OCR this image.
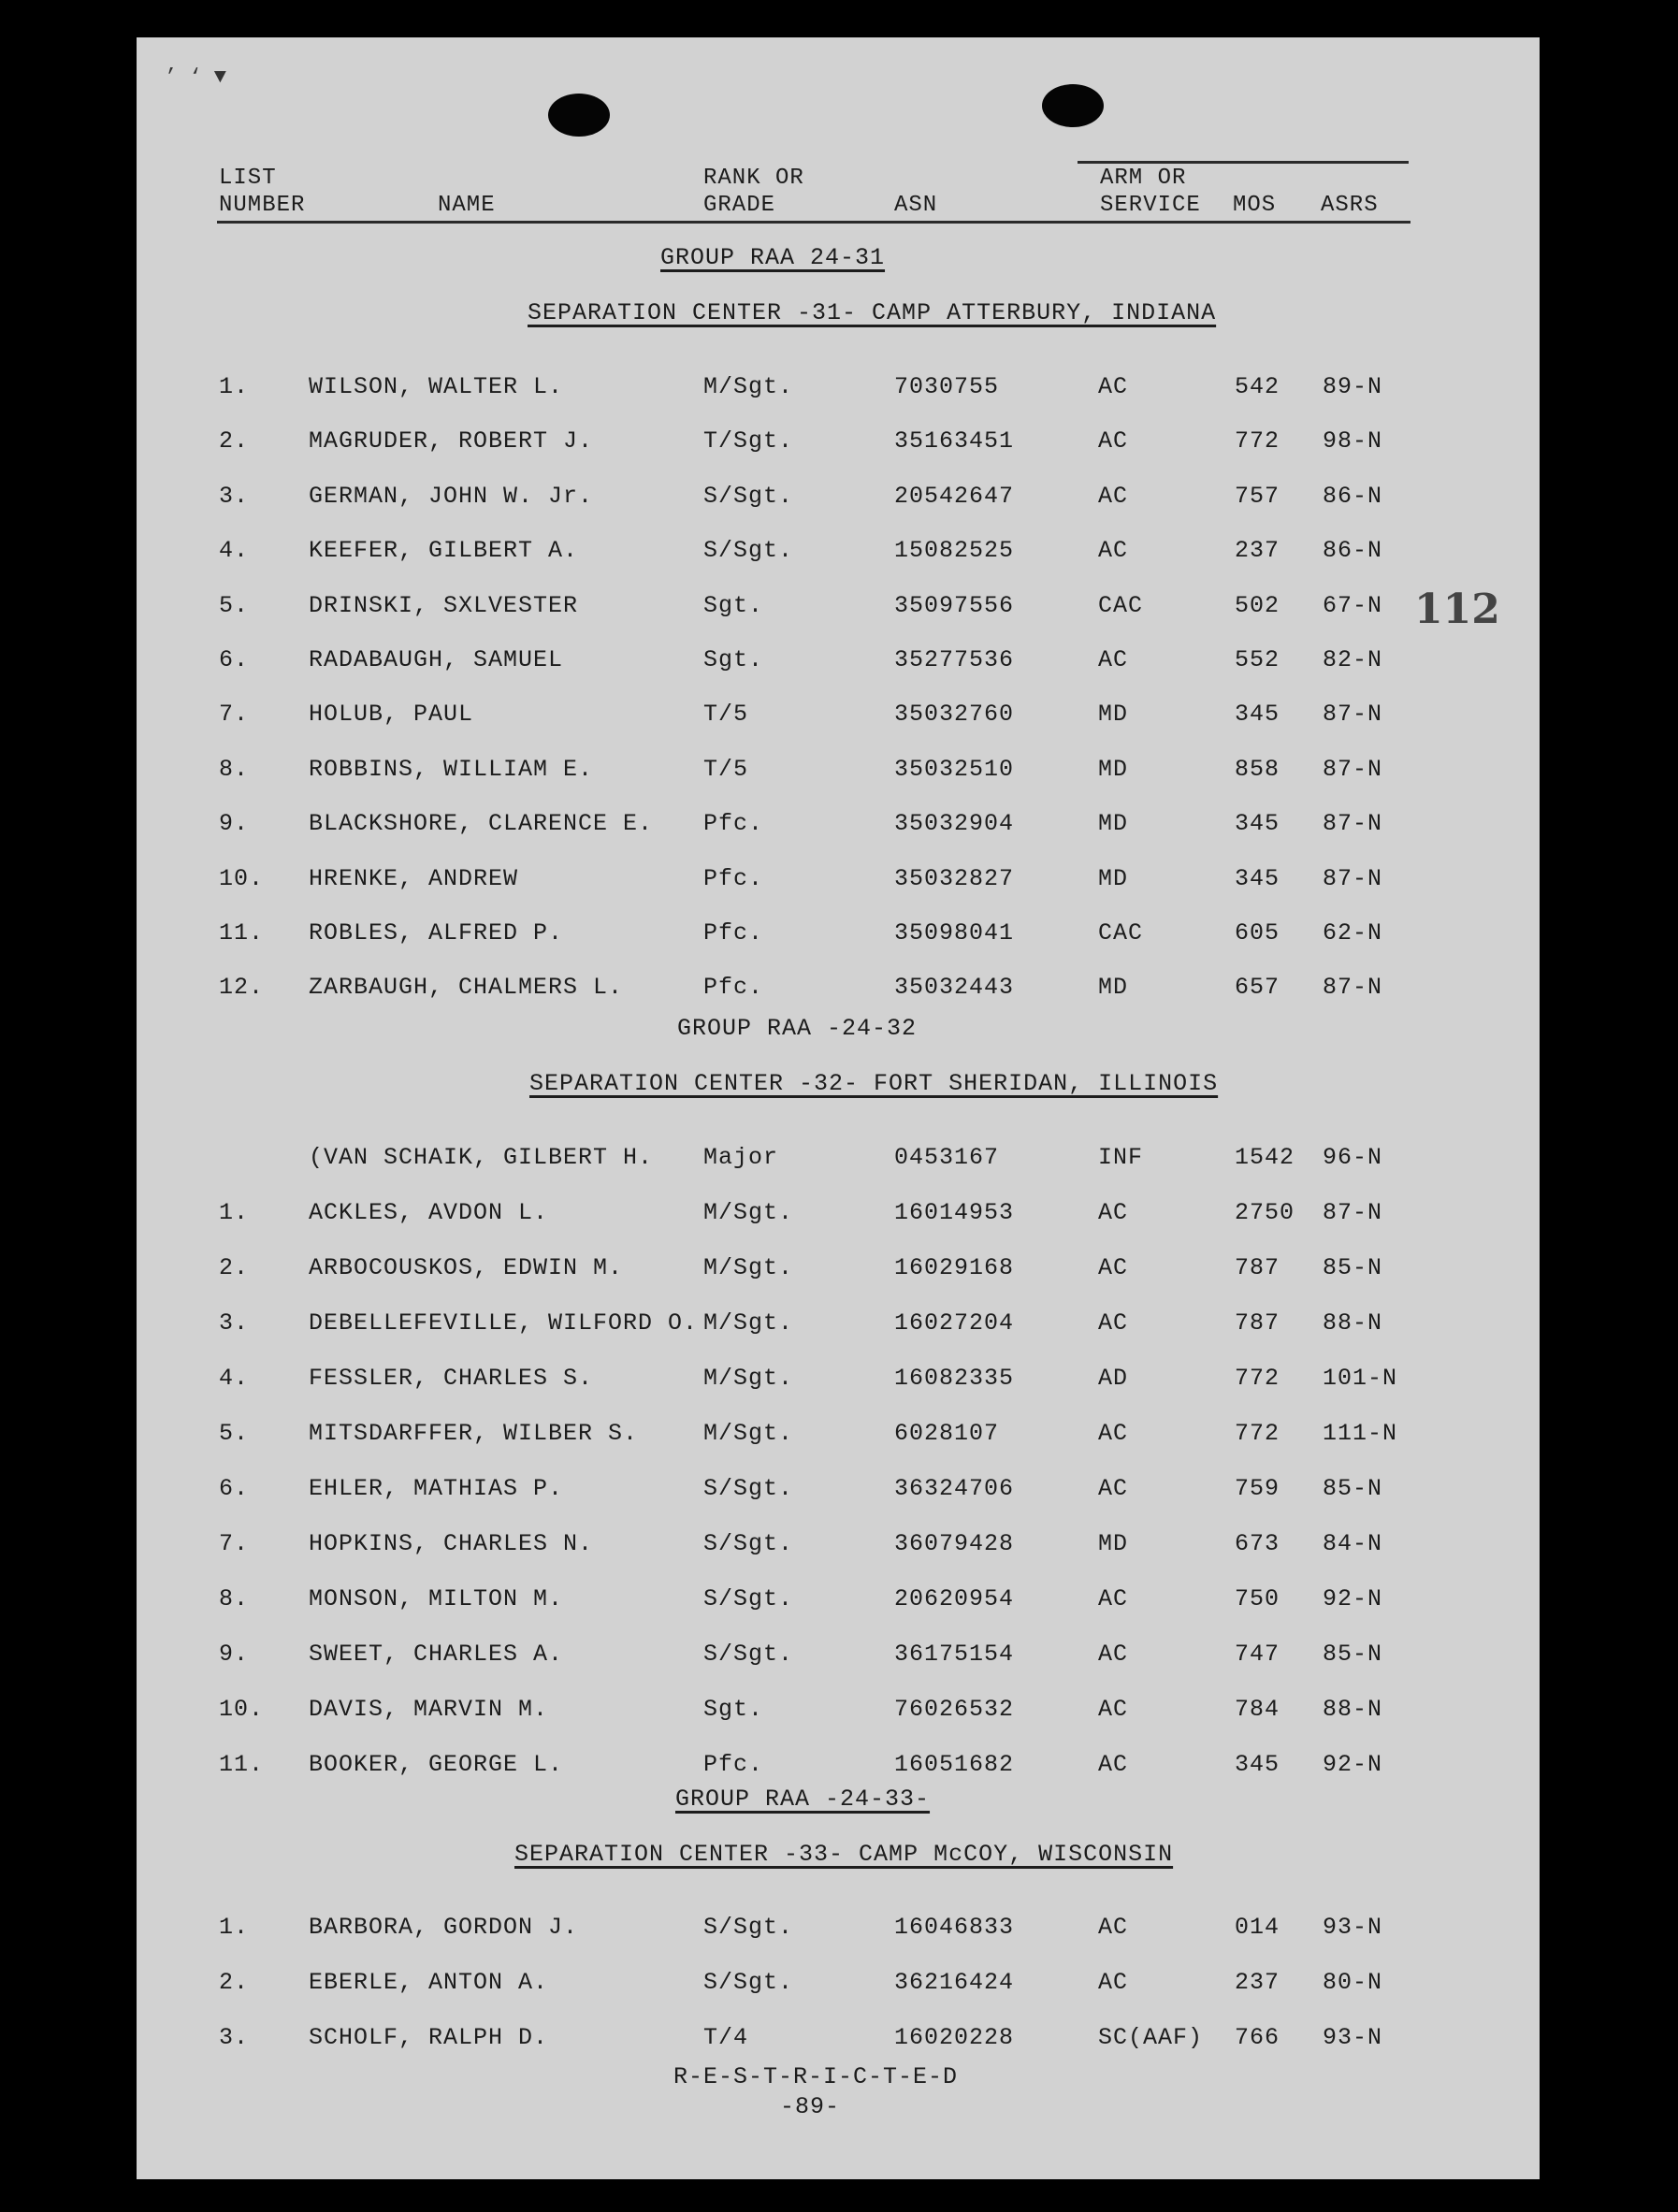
’ ‘ ▼
LIST
NUMBER	NAME
RANK OR
GRADE	ASN
ARM OR
SERVICE MOS ASRS
112
GROUP RAA 24-31
SEPARATION CENTER -31- CAMP ATTERBURY, INDIANA
1.	WILSON, WALTER L.	M/Sgt.	7030755	AC	542 89-N
2.	MAGRUDER, ROBERT J.	T/Sgt.	35163451	AC	772 98-N
3.	GERMAN, JOHN W. Jr.	S/Sgt.	20542647	AC	757 86-N
4.	KEEFER, GILBERT A.	S/Sgt.	15082525	AC	237 86-N
5.	DRINSKI, SXLVESTER	Sgt.	35097556	CAC	502 67-N
6.	RADABAUGH, SAMUEL	Sgt.	35277536	AC	552 82-N
7.	HOLUB, PAUL	T/5	35032760	MD	345 87-N
8.	ROBBINS, WILLIAM E.	T/5	35032510	MD	858 87-N
9.	BLACKSHORE, CLARENCE E. Pfc.	35032904	MD	345 87-N
10. HRENKE, ANDREW	Pfc.	35032827	MD	345 87-N
11. ROBLES, ALFRED P.	Pfc.	35098041	CAC	605 62-N
12. ZARBAUGH, CHALMERS L.	Pfc.	35032443	MD	657 87-N
GROUP RAA -24-32
SEPARATION CENTER -32- FORT SHERIDAN, ILLINOIS
(VAN SCHAIK, GILBERT H. Major	0453167	INF	1542 96-N
1.	ACKLES, AVDON L.	M/Sgt.	16014953	AC	2750 87-N
2.	ARBOCOUSKOS, EDWIN M.	M/Sgt.	16029168	AC	787 85-N
3.	DEBELLEFEVILLE, WILFORD O. M/Sgt.	16027204	AC	787 88-N
4.	FESSLER, CHARLES S.	M/Sgt.	16082335	AD	772 101-N
5.	MITSDARFFER, WILBER S.	M/Sgt.	6028107	AC	772 111-N
6.	EHLER, MATHIAS P.	S/Sgt.	36324706	AC	759 85-N
7.	HOPKINS, CHARLES N.	S/Sgt.	36079428	MD	673 84-N
8.	MONSON, MILTON M.	S/Sgt.	20620954	AC	750 92-N
9.	SWEET, CHARLES A.	S/Sgt.	36175154	AC	747 85-N
10. DAVIS, MARVIN M.	Sgt.	76026532	AC	784 88-N
11. BOOKER, GEORGE L.	Pfc.	16051682	AC	345 92-N
GROUP RAA -24-33-
SEPARATION CENTER -33- CAMP McCOY, WISCONSIN
1.	BARBORA, GORDON J.	S/Sgt.	16046833	AC	014 93-N
2.	EBERLE, ANTON A.	S/Sgt.	36216424	AC	237 80-N
3.	SCHOLF, RALPH D.	T/4	16020228	SC(AAF) 766 93-N
R-E-S-T-R-I-C-T-E-D
-89-
